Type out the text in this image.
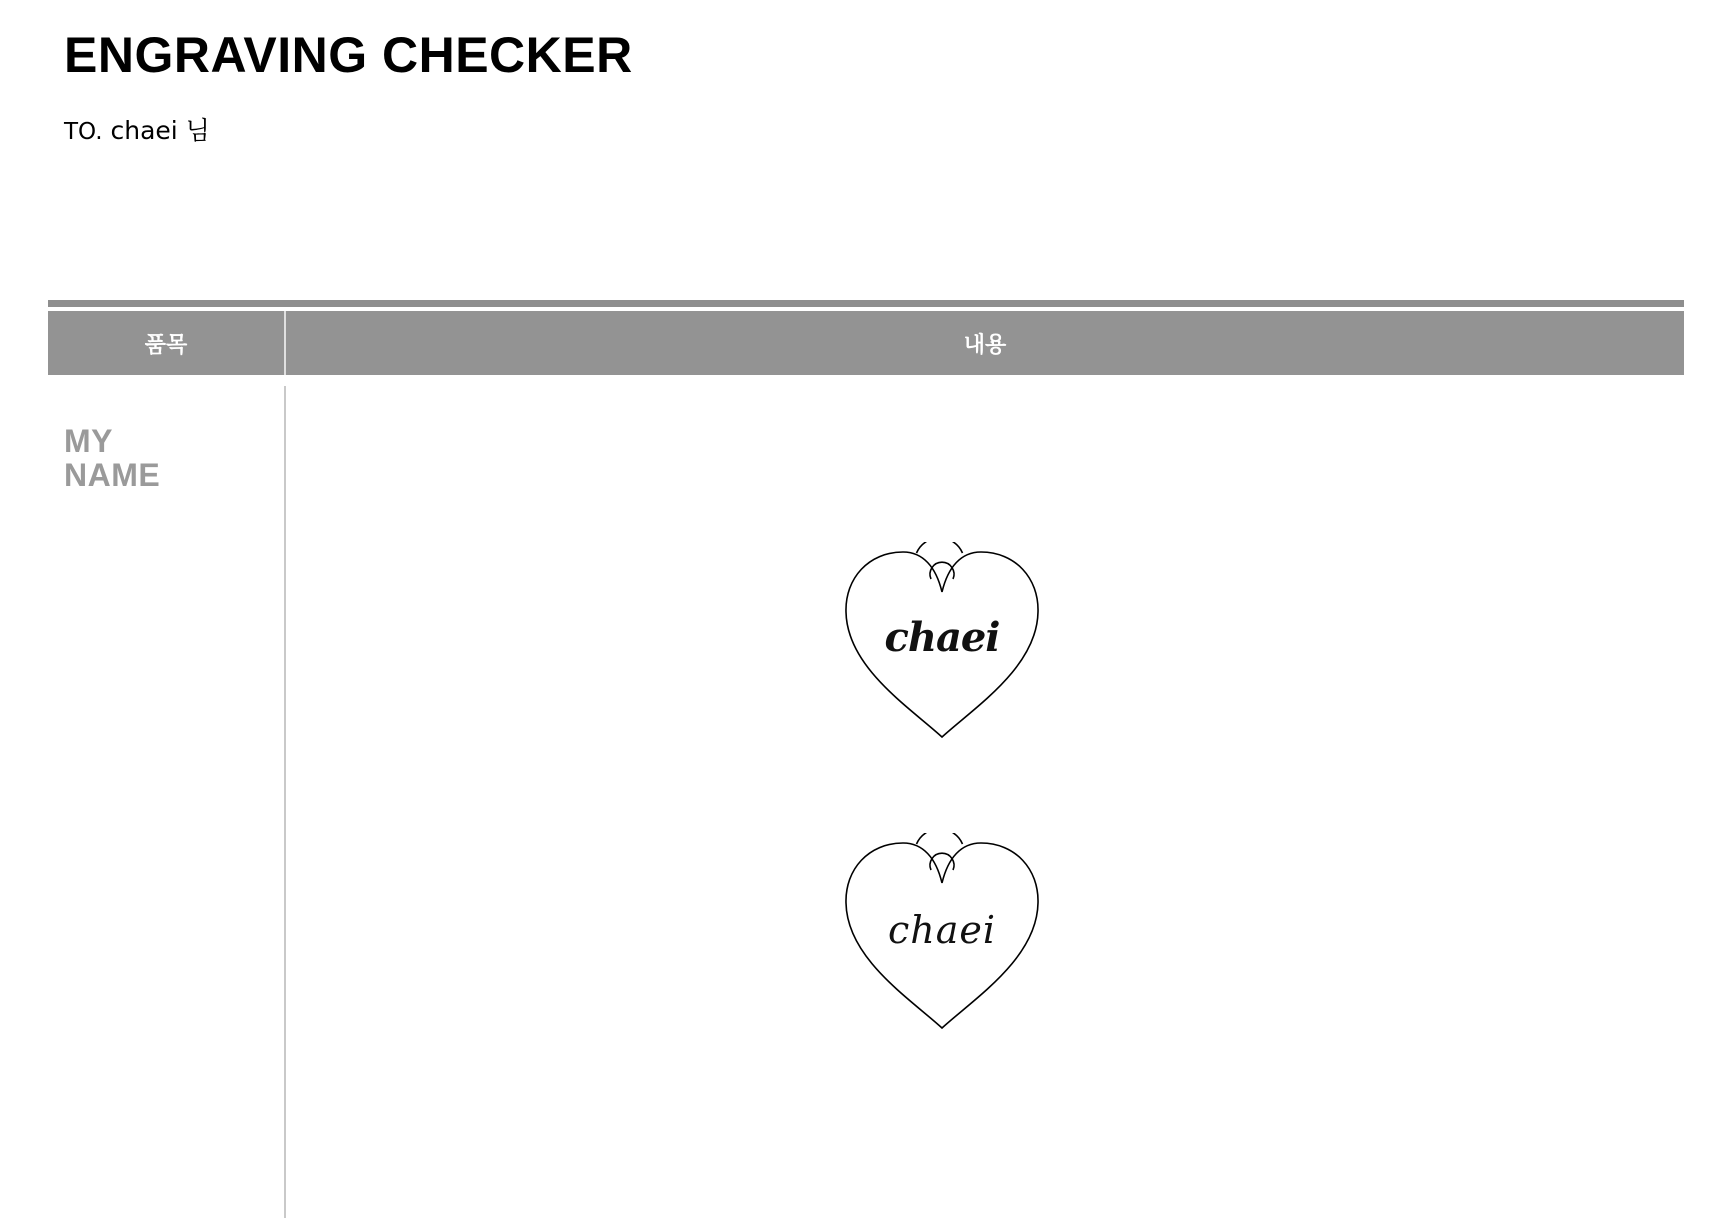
ENGRAVING CHECKER
TO. chaei 님
품목	내용
MY
NAME
chaei
chaei
